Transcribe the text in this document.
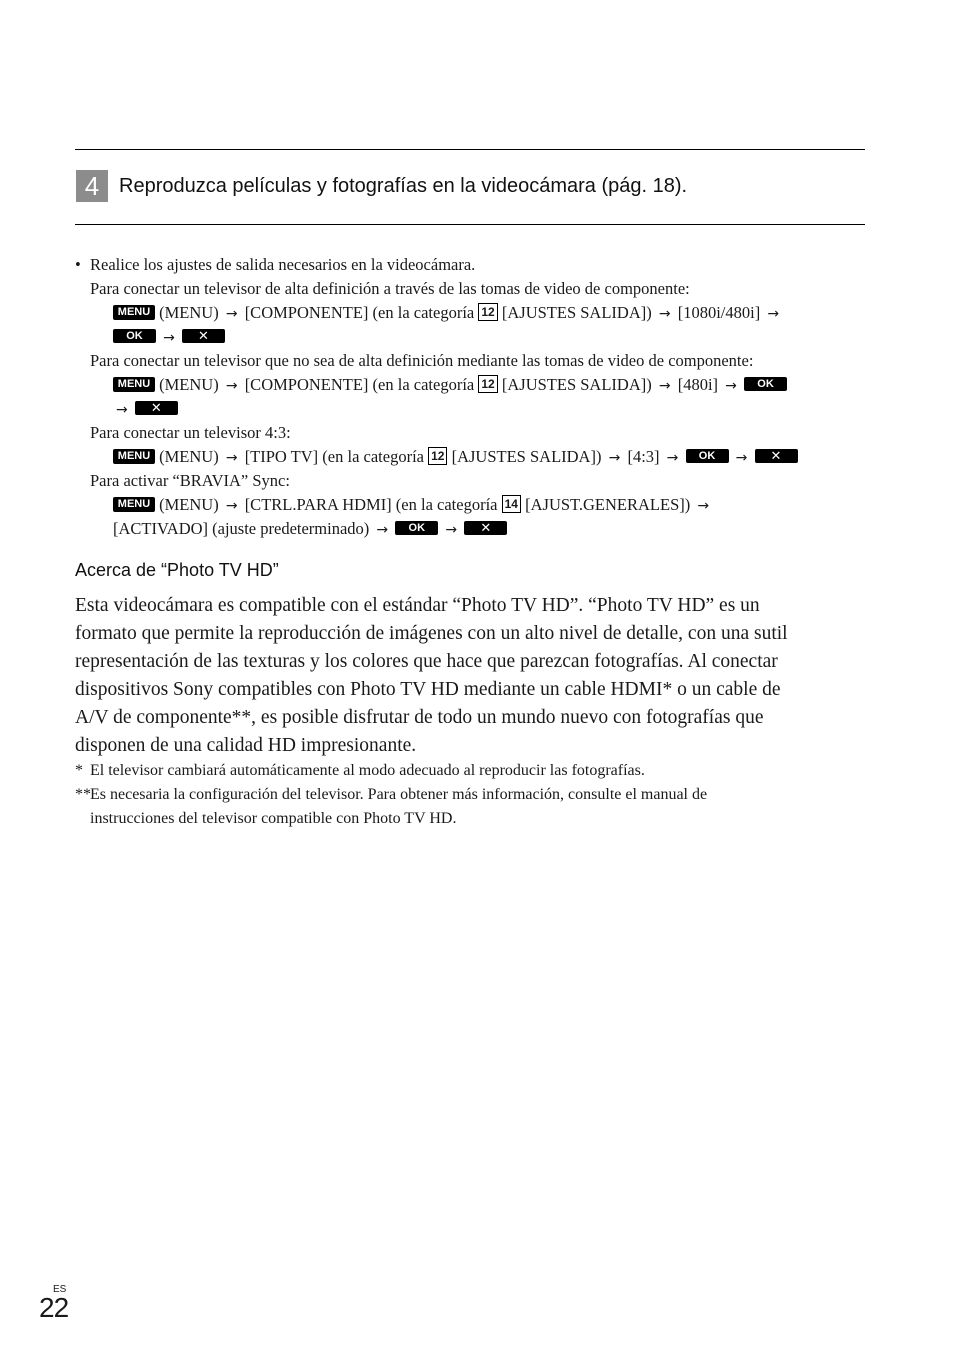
4 Reproduzca películas y fotografías en la videocámara (pág. 18).
• Realice los ajustes de salida necesarios en la videocámara.
Para conectar un televisor de alta definición a través de las tomas de video de componente:
MENU (MENU) → [COMPONENTE] (en la categoría 12 [AJUSTES SALIDA]) → [1080i/480i] →
OK → ✕
Para conectar un televisor que no sea de alta definición mediante las tomas de video de componente:
MENU (MENU) → [COMPONENTE] (en la categoría 12 [AJUSTES SALIDA]) → [480i] → OK
→ ✕
Para conectar un televisor 4:3:
MENU (MENU) → [TIPO TV] (en la categoría 12 [AJUSTES SALIDA]) → [4:3] → OK → ✕
Para activar “BRAVIA” Sync:
MENU (MENU) → [CTRL.PARA HDMI] (en la categoría 14 [AJUST.GENERALES]) →
[ACTIVADO] (ajuste predeterminado) → OK → ✕
Acerca de “Photo TV HD”
Esta videocámara es compatible con el estándar “Photo TV HD”. “Photo TV HD” es un
formato que permite la reproducción de imágenes con un alto nivel de detalle, con una sutil
representación de las texturas y los colores que hace que parezcan fotografías. Al conectar
dispositivos Sony compatibles con Photo TV HD mediante un cable HDMI* o un cable de
A/V de componente**, es posible disfrutar de todo un mundo nuevo con fotografías que
disponen de una calidad HD impresionante.
* El televisor cambiará automáticamente al modo adecuado al reproducir las fotografías.
** Es necesaria la configuración del televisor. Para obtener más información, consulte el manual de
instrucciones del televisor compatible con Photo TV HD.
ES
22
